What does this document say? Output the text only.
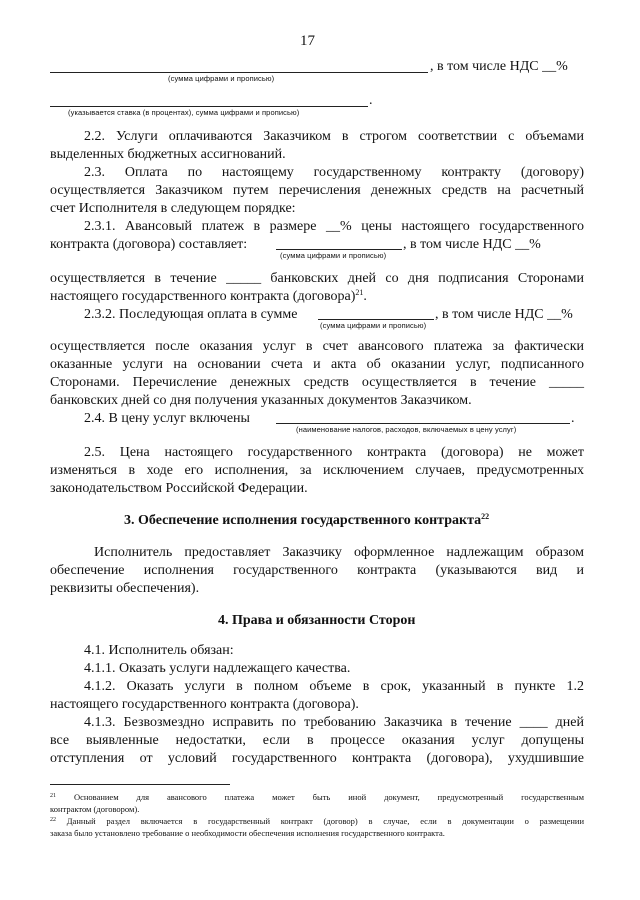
17
, в том числе НДС __%
(сумма цифрами и прописью)
.
(указывается ставка (в процентах), сумма цифрами и прописью)
2.2. Услуги оплачиваются Заказчиком в строгом соответствии с объемами
выделенных бюджетных ассигнований.
2.3. Оплата по настоящему государственному контракту (договору)
осуществляется Заказчиком путем перечисления денежных средств на расчетный
счет Исполнителя в следующем порядке:
2.3.1. Авансовый платеж в размере __% цены настоящего государственного
контракта (договора) составляет:	, в том числе НДС __%
(сумма цифрами и прописью)
осуществляется в течение _____ банковских дней со дня подписания Сторонами
настоящего государственного контракта (договора)$^{21}$.
2.3.2. Последующая оплата в сумме	, в том числе НДС __%
(сумма цифрами и прописью)
осуществляется после оказания услуг в счет авансового платежа за фактически
оказанные услуги на основании счета и акта об оказании услуг, подписанного
Сторонами. Перечисление денежных средств осуществляется в течение _____
банковских дней со дня получения указанных документов Заказчиком.
2.4. В цену услуг включены	.
(наименование налогов, расходов, включаемых в цену услуг)
2.5. Цена настоящего государственного контракта (договора) не может
изменяться в ходе его исполнения, за исключением случаев, предусмотренных
законодательством Российской Федерации.
3. Обеспечение исполнения государственного контракта$^{22}$
Исполнитель предоставляет Заказчику оформленное надлежащим образом
обеспечение исполнения государственного контракта (указываются вид и
реквизиты обеспечения).
4. Права и обязанности Сторон
4.1. Исполнитель обязан:
4.1.1. Оказать услуги надлежащего качества.
4.1.2. Оказать услуги в полном объеме в срок, указанный в пункте 1.2
настоящего государственного контракта (договора).
4.1.3. Безвозмездно исправить по требованию Заказчика в течение ____ дней
все выявленные недостатки, если в процессе оказания услуг допущены
отступления от условий государственного контракта (договора), ухудшившие
$^{21}$ Основанием для авансового платежа может быть иной документ, предусмотренный государственным
контрактом (договором).
$^{22}$ Данный раздел включается в государственный контракт (договор) в случае, если в документации о размещении
заказа было установлено требование о необходимости обеспечения исполнения государственного контракта.
